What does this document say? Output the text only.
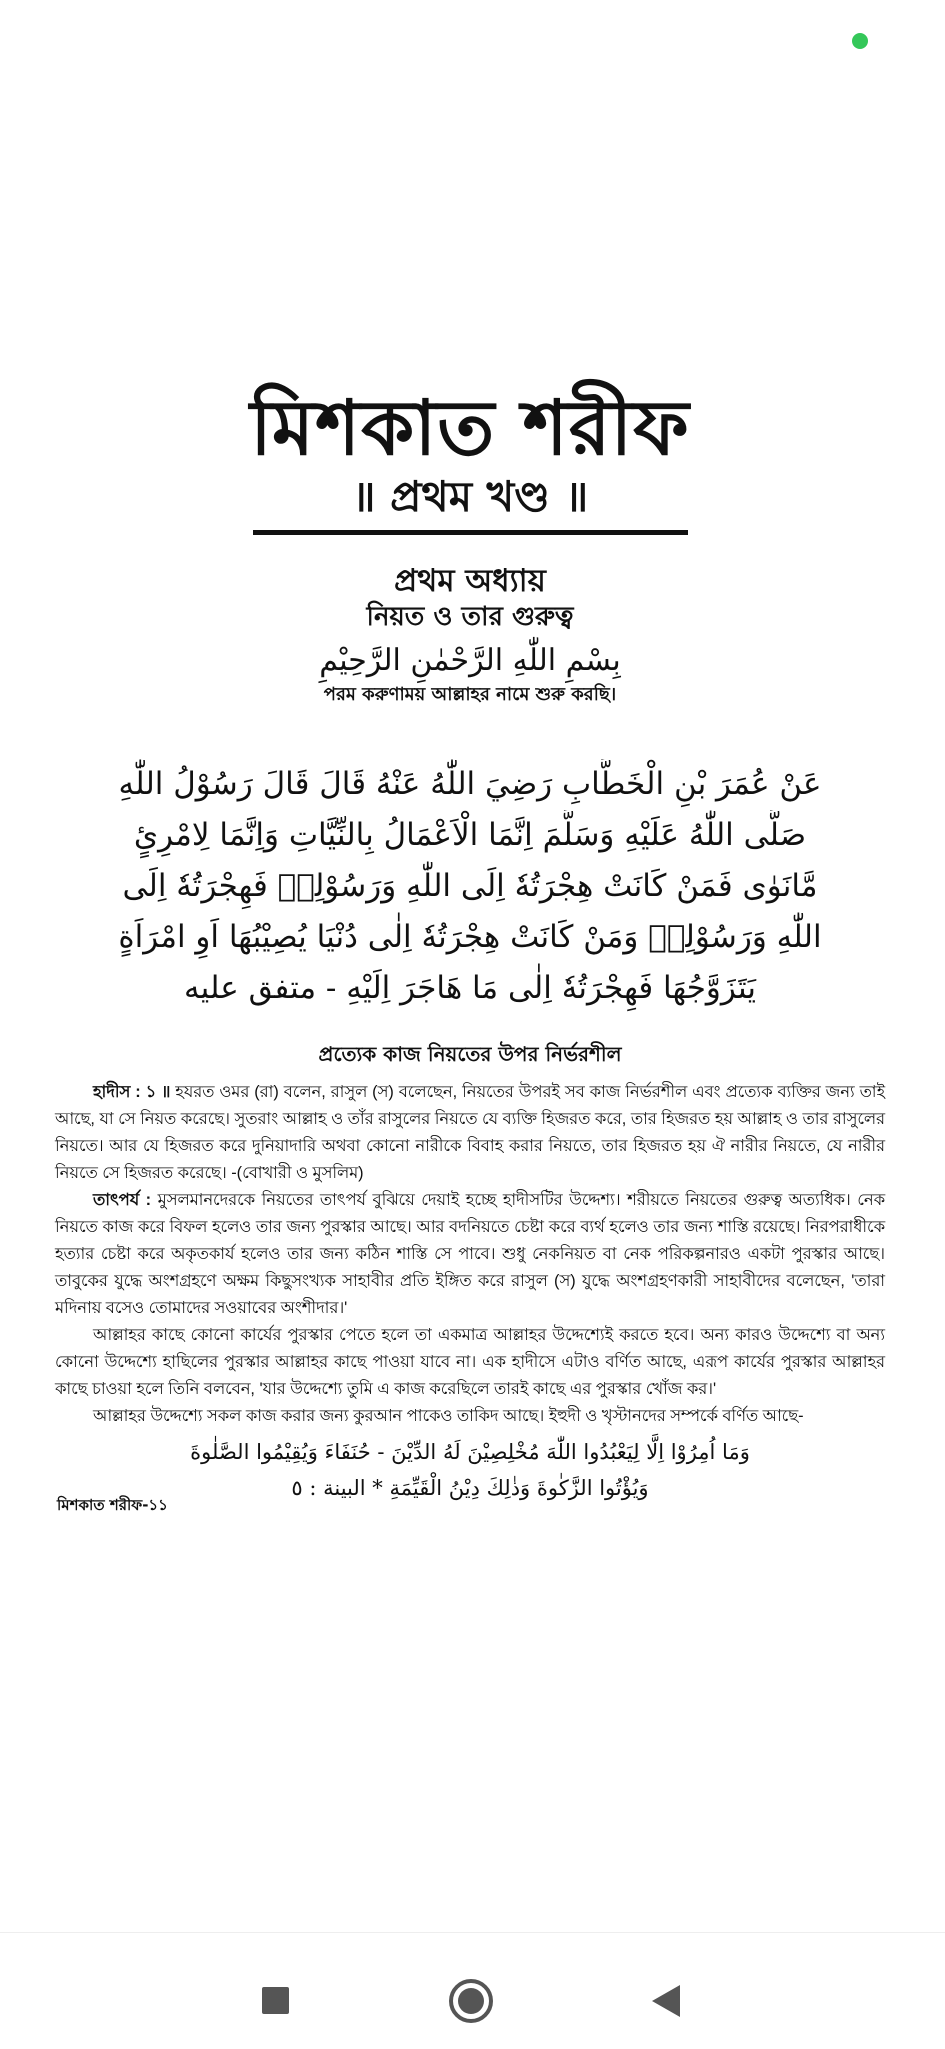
মিশকাত শরীফ
॥ প্রথম খণ্ড ॥
প্রথম অধ্যায়
নিয়ত ও তার গুরুত্ব
بِسْمِ اللّٰهِ الرَّحْمٰنِ الرَّحِيْمِ
পরম করুণাময় আল্লাহর নামে শুরু করছি।
عَنْ عُمَرَ بْنِ الْخَطَّابِ رَضِيَ اللّٰهُ عَنْهُ قَالَ قَالَ رَسُوْلُ اللّٰهِ
صَلَّى اللّٰهُ عَلَيْهِ وَسَلَّمَ اِنَّمَا الْاَعْمَالُ بِالنِّيَّاتِ وَاِنَّمَا لِامْرِئٍ
مَّانَوٰى فَمَنْ كَانَتْ هِجْرَتُهٗ اِلَى اللّٰهِ وَرَسُوْلِهٖ فَهِجْرَتُهٗ اِلَى
اللّٰهِ وَرَسُوْلِهٖ وَمَنْ كَانَتْ هِجْرَتُهٗ اِلٰى دُنْيَا يُصِيْبُهَا اَوِ امْرَاَةٍ
يَتَزَوَّجُهَا فَهِجْرَتُهٗ اِلٰى مَا هَاجَرَ اِلَيْهِ - متفق عليه
প্রত্যেক কাজ নিয়তের উপর নির্ভরশীল

হাদীস : ১ ॥ হযরত ওমর (রা) বলেন, রাসুল (স) বলেছেন, নিয়তের উপরই সব কাজ নির্ভরশীল এবং প্রত্যেক ব্যক্তির জন্য তাই আছে, যা সে নিয়ত করেছে। সুতরাং আল্লাহ ও তাঁর রাসুলের নিয়তে যে ব্যক্তি হিজরত করে, তার হিজরত হয় আল্লাহ ও তার রাসুলের নিয়তে। আর যে হিজরত করে দুনিয়াদারি অথবা কোনো নারীকে বিবাহ করার নিয়তে, তার হিজরত হয় ঐ নারীর নিয়তে, যে নারীর নিয়তে সে হিজরত করেছে। -(বোখারী ও মুসলিম)

তাৎপর্য : মুসলমানদেরকে নিয়তের তাৎপর্য বুঝিয়ে দেয়াই হচ্ছে হাদীসটির উদ্দেশ্য। শরীয়তে নিয়তের গুরুত্ব অত্যধিক। নেক নিয়তে কাজ করে বিফল হলেও তার জন্য পুরস্কার আছে। আর বদনিয়তে চেষ্টা করে ব্যর্থ হলেও তার জন্য শাস্তি রয়েছে। নিরপরাধীকে হত্যার চেষ্টা করে অকৃতকার্য হলেও তার জন্য কঠিন শাস্তি সে পাবে। শুধু নেকনিয়ত বা নেক পরিকল্পনারও একটা পুরস্কার আছে। তাবুকের যুদ্ধে অংশগ্রহণে অক্ষম কিছুসংখ্যক সাহাবীর প্রতি ইঙ্গিত করে রাসুল (স) যুদ্ধে অংশগ্রহণকারী সাহাবীদের বলেছেন, 'তারা মদিনায় বসেও তোমাদের সওয়াবের অংশীদার।'

আল্লাহর কাছে কোনো কার্যের পুরস্কার পেতে হলে তা একমাত্র আল্লাহর উদ্দেশ্যেই করতে হবে। অন্য কারও উদ্দেশ্যে বা অন্য কোনো উদ্দেশ্যে হাছিলের পুরস্কার আল্লাহর কাছে পাওয়া যাবে না। এক হাদীসে এটাও বর্ণিত আছে, এরূপ কার্যের পুরস্কার আল্লাহর কাছে চাওয়া হলে তিনি বলবেন, 'যার উদ্দেশ্যে তুমি এ কাজ করেছিলে তারই কাছে এর পুরস্কার খোঁজ কর।'

আল্লাহর উদ্দেশ্যে সকল কাজ করার জন্য কুরআন পাকেও তাকিদ আছে। ইহুদী ও খৃস্টানদের সম্পর্কে বর্ণিত আছে-

وَمَا اُمِرُوْا اِلَّا لِيَعْبُدُوا اللّٰهَ مُخْلِصِيْنَ لَهُ الدِّيْنَ - حُنَفَاءَ وَيُقِيْمُوا الصَّلٰوةَ
وَيُؤْتُوا الزَّكٰوةَ وَذٰلِكَ دِيْنُ الْقَيِّمَةِ * البينة : ٥
মিশকাত শরীফ-১১
